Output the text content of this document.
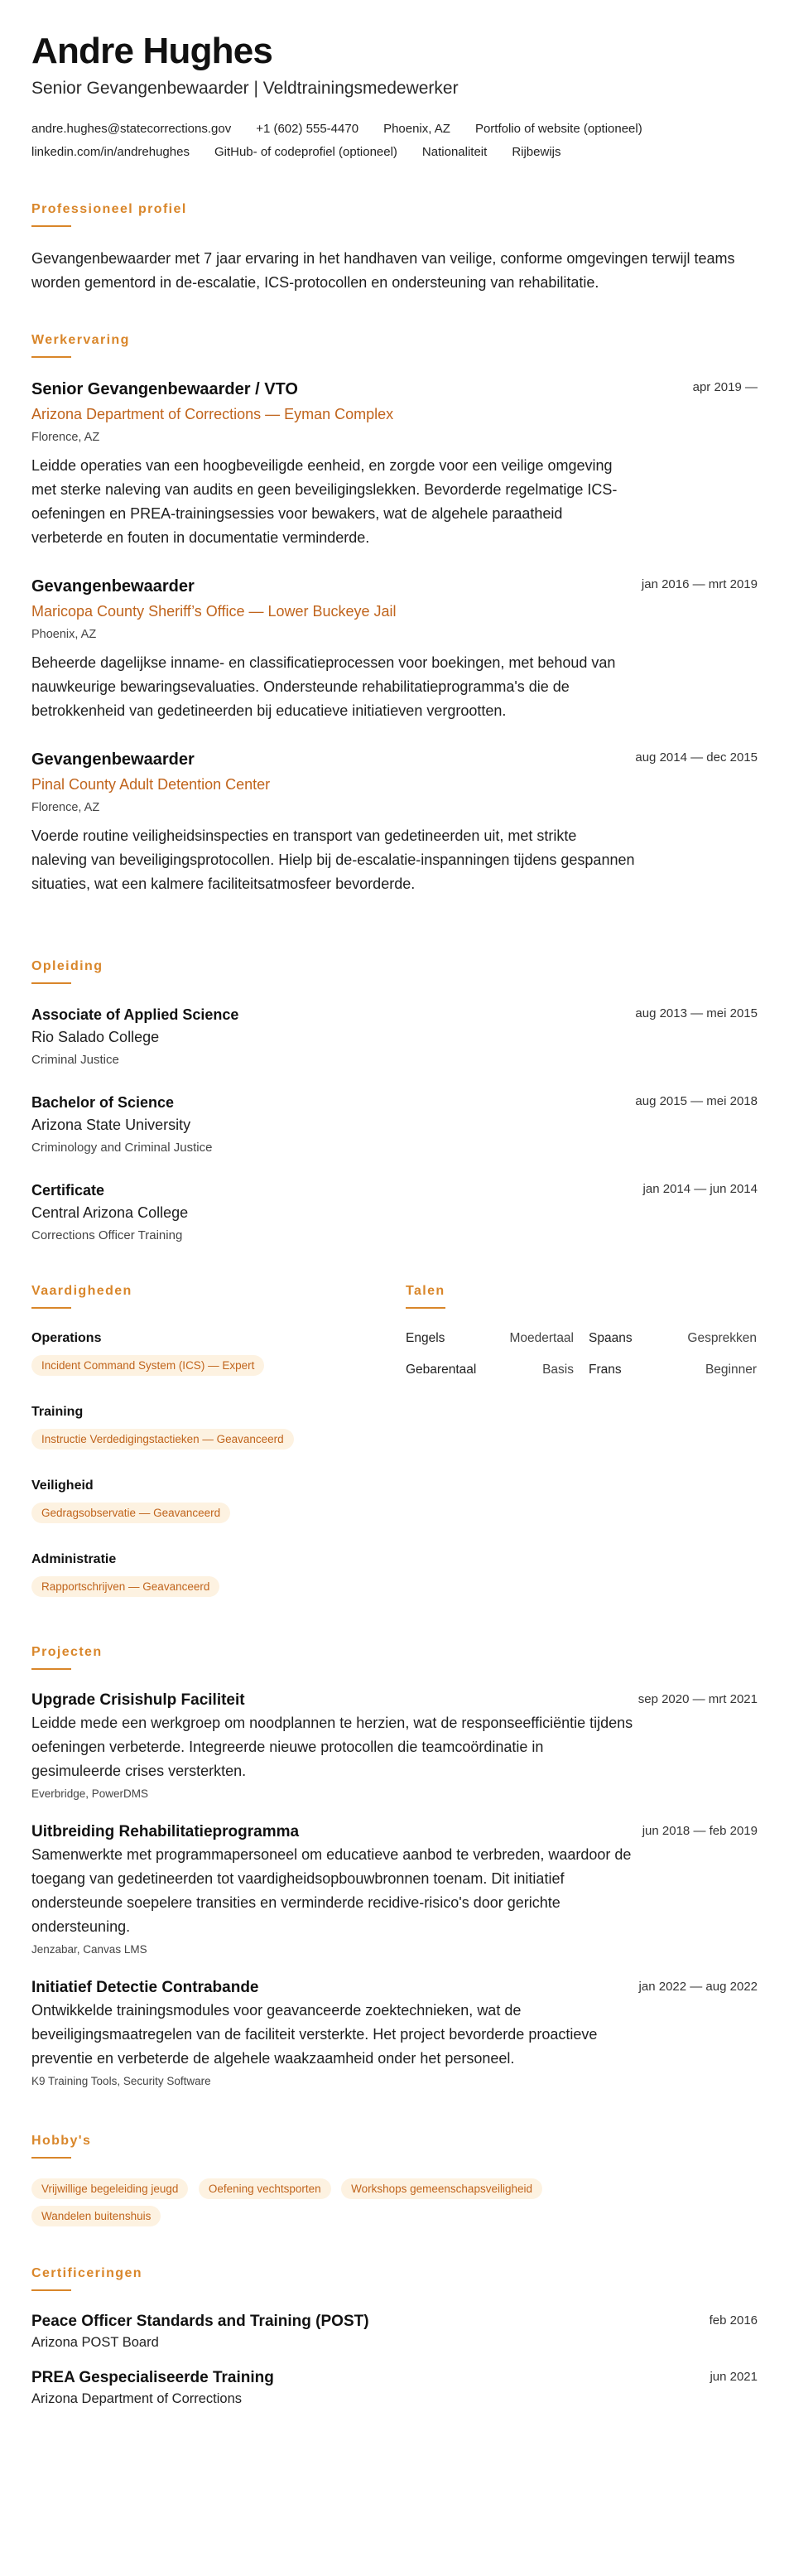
Andre Hughes
Senior Gevangenbewaarder | Veldtrainingsmedewerker
andre.hughes@statecorrections.gov +1 (602) 555-4470 Phoenix, AZ Portfolio of website (optioneel)
linkedin.com/in/andrehughes GitHub- of codeprofiel (optioneel) Nationaliteit Rijbewijs
Professioneel profiel

Gevangenbewaarder met 7 jaar ervaring in het handhaven van veilige, conforme omgevingen terwijl teams worden gementord in de-escalatie, ICS-protocollen en ondersteuning van rehabilitatie.

Werkervaring
Senior Gevangenbewaarder / VTO	apr 2019 —
Arizona Department of Corrections — Eyman Complex
Florence, AZ

Leidde operaties van een hoogbeveiligde eenheid, en zorgde voor een veilige omgeving met sterke naleving van audits en geen beveiligingslekken. Bevorderde regelmatige ICS-oefeningen en PREA-trainingsessies voor bewakers, wat de algehele paraatheid verbeterde en fouten in documentatie verminderde.

Gevangenbewaarder	jan 2016 — mrt 2019
Maricopa County Sheriff’s Office — Lower Buckeye Jail
Phoenix, AZ

Beheerde dagelijkse inname- en classificatieprocessen voor boekingen, met behoud van nauwkeurige bewaringsevaluaties. Ondersteunde rehabilitatieprogramma's die de betrokkenheid van gedetineerden bij educatieve initiatieven vergrootten.

Gevangenbewaarder	aug 2014 — dec 2015
Pinal County Adult Detention Center
Florence, AZ

Voerde routine veiligheidsinspecties en transport van gedetineerden uit, met strikte naleving van beveiligingsprotocollen. Hielp bij de-escalatie-inspanningen tijdens gespannen situaties, wat een kalmere faciliteitsatmosfeer bevorderde.

Opleiding
Associate of Applied Science	aug 2013 — mei 2015
Rio Salado College
Criminal Justice
Bachelor of Science	aug 2015 — mei 2018
Arizona State University
Criminology and Criminal Justice
Certificate	jan 2014 — jun 2014
Central Arizona College
Corrections Officer Training
Vaardigheden
Operations
Incident Command System (ICS) — Expert
Training
Instructie Verdedigingstactieken — Geavanceerd
Veiligheid
Gedragsobservatie — Geavanceerd
Administratie
Rapportschrijven — Geavanceerd
Talen
Engels	Moedertaal Spaans	Gesprekken
Gebarentaal	Basis Frans	Beginner
Projecten
Upgrade Crisishulp Faciliteit	sep 2020 — mrt 2021

Leidde mede een werkgroep om noodplannen te herzien, wat de responseefficiëntie tijdens oefeningen verbeterde. Integreerde nieuwe protocollen die teamcoördinatie in gesimuleerde crises versterkten.

Everbridge, PowerDMS
Uitbreiding Rehabilitatieprogramma	jun 2018 — feb 2019

Samenwerkte met programmapersoneel om educatieve aanbod te verbreden, waardoor de toegang van gedetineerden tot vaardigheidsopbouwbronnen toenam. Dit initiatief ondersteunde soepelere transities en verminderde recidive-risico's door gerichte ondersteuning.

Jenzabar, Canvas LMS
Initiatief Detectie Contrabande	jan 2022 — aug 2022

Ontwikkelde trainingsmodules voor geavanceerde zoektechnieken, wat de beveiligingsmaatregelen van de faciliteit versterkte. Het project bevorderde proactieve preventie en verbeterde de algehele waakzaamheid onder het personeel.

K9 Training Tools, Security Software
Hobby's
Vrijwillige begeleiding jeugd	Oefening vechtsporten	Workshops gemeenschapsveiligheid Wandelen buitenshuis
Certificeringen
Peace Officer Standards and Training (POST)	feb 2016
Arizona POST Board
PREA Gespecialiseerde Training	jun 2021
Arizona Department of Corrections
